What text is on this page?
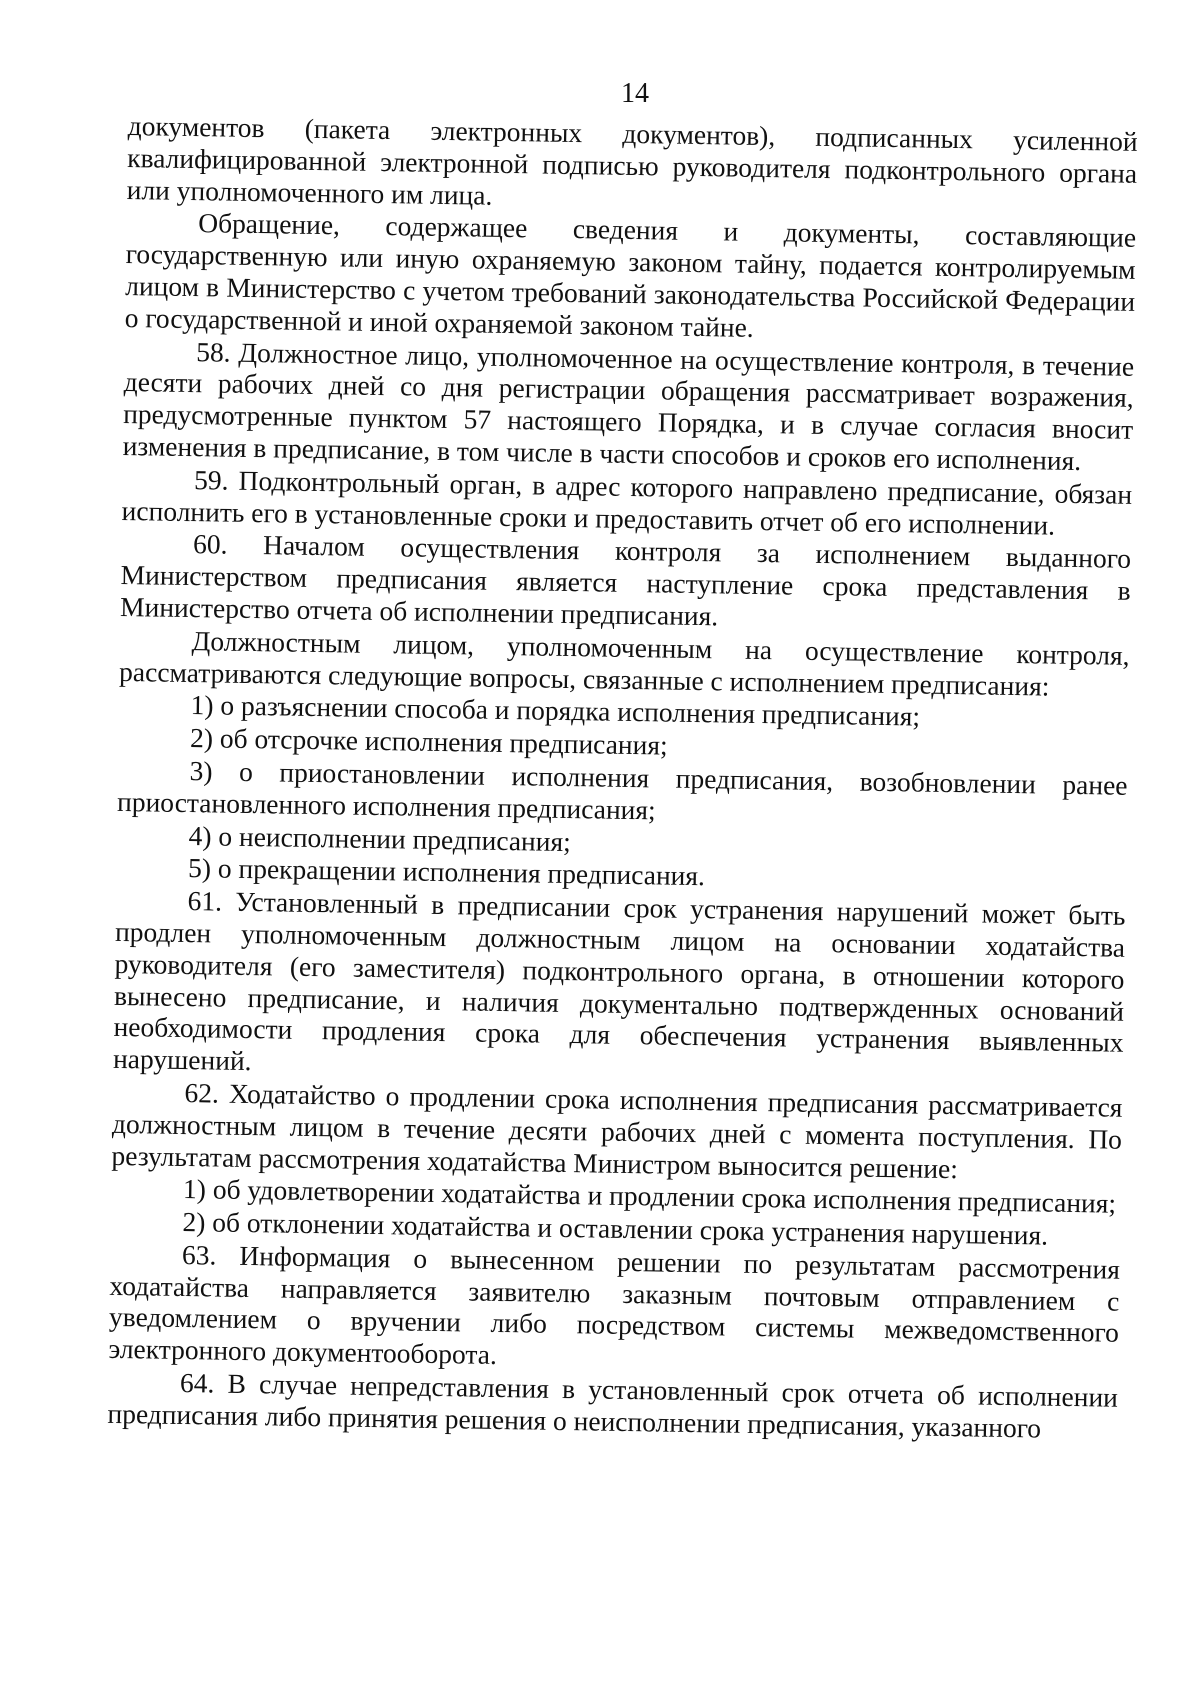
14

документов (пакета электронных документов), подписанных усиленной квалифицированной электронной подписью руководителя подконтрольного органа или уполномоченного им лица.

Обращение, содержащее сведения и документы, составляющие государственную или иную охраняемую законом тайну, подается контролируемым лицом в Министерство с учетом требований законодательства Российской Федерации о государственной и иной охраняемой законом тайне.

58. Должностное лицо, уполномоченное на осуществление контроля, в течение десяти рабочих дней со дня регистрации обращения рассматривает возражения, предусмотренные пунктом 57 настоящего Порядка, и в случае согласия вносит изменения в предписание, в том числе в части способов и сроков его исполнения.

59. Подконтрольный орган, в адрес которого направлено предписание, обязан исполнить его в установленные сроки и предоставить отчет об его исполнении.

60. Началом осуществления контроля за исполнением выданного Министерством предписания является наступление срока представления в Министерство отчета об исполнении предписания.

Должностным лицом, уполномоченным на осуществление контроля, рассматриваются следующие вопросы, связанные с исполнением предписания:

1) о разъяснении способа и порядка исполнения предписания;

2) об отсрочке исполнения предписания;

3) о приостановлении исполнения предписания, возобновлении ранее приостановленного исполнения предписания;

4) о неисполнении предписания;

5) о прекращении исполнения предписания.

61. Установленный в предписании срок устранения нарушений может быть продлен уполномоченным должностным лицом на основании ходатайства руководителя (его заместителя) подконтрольного органа, в отношении которого вынесено предписание, и наличия документально подтвержденных оснований необходимости продления срока для обеспечения устранения выявленных нарушений.

62. Ходатайство о продлении срока исполнения предписания рассматривается должностным лицом в течение десяти рабочих дней с момента поступления. По результатам рассмотрения ходатайства Министром выносится решение:

1) об удовлетворении ходатайства и продлении срока исполнения предписания;

2) об отклонении ходатайства и оставлении срока устранения нарушения.

63. Информация о вынесенном решении по результатам рассмотрения ходатайства направляется заявителю заказным почтовым отправлением с уведомлением о вручении либо посредством системы межведомственного электронного документооборота.

64. В случае непредставления в установленный срок отчета об исполнении предписания либо принятия решения о неисполнении предписания, указанного
